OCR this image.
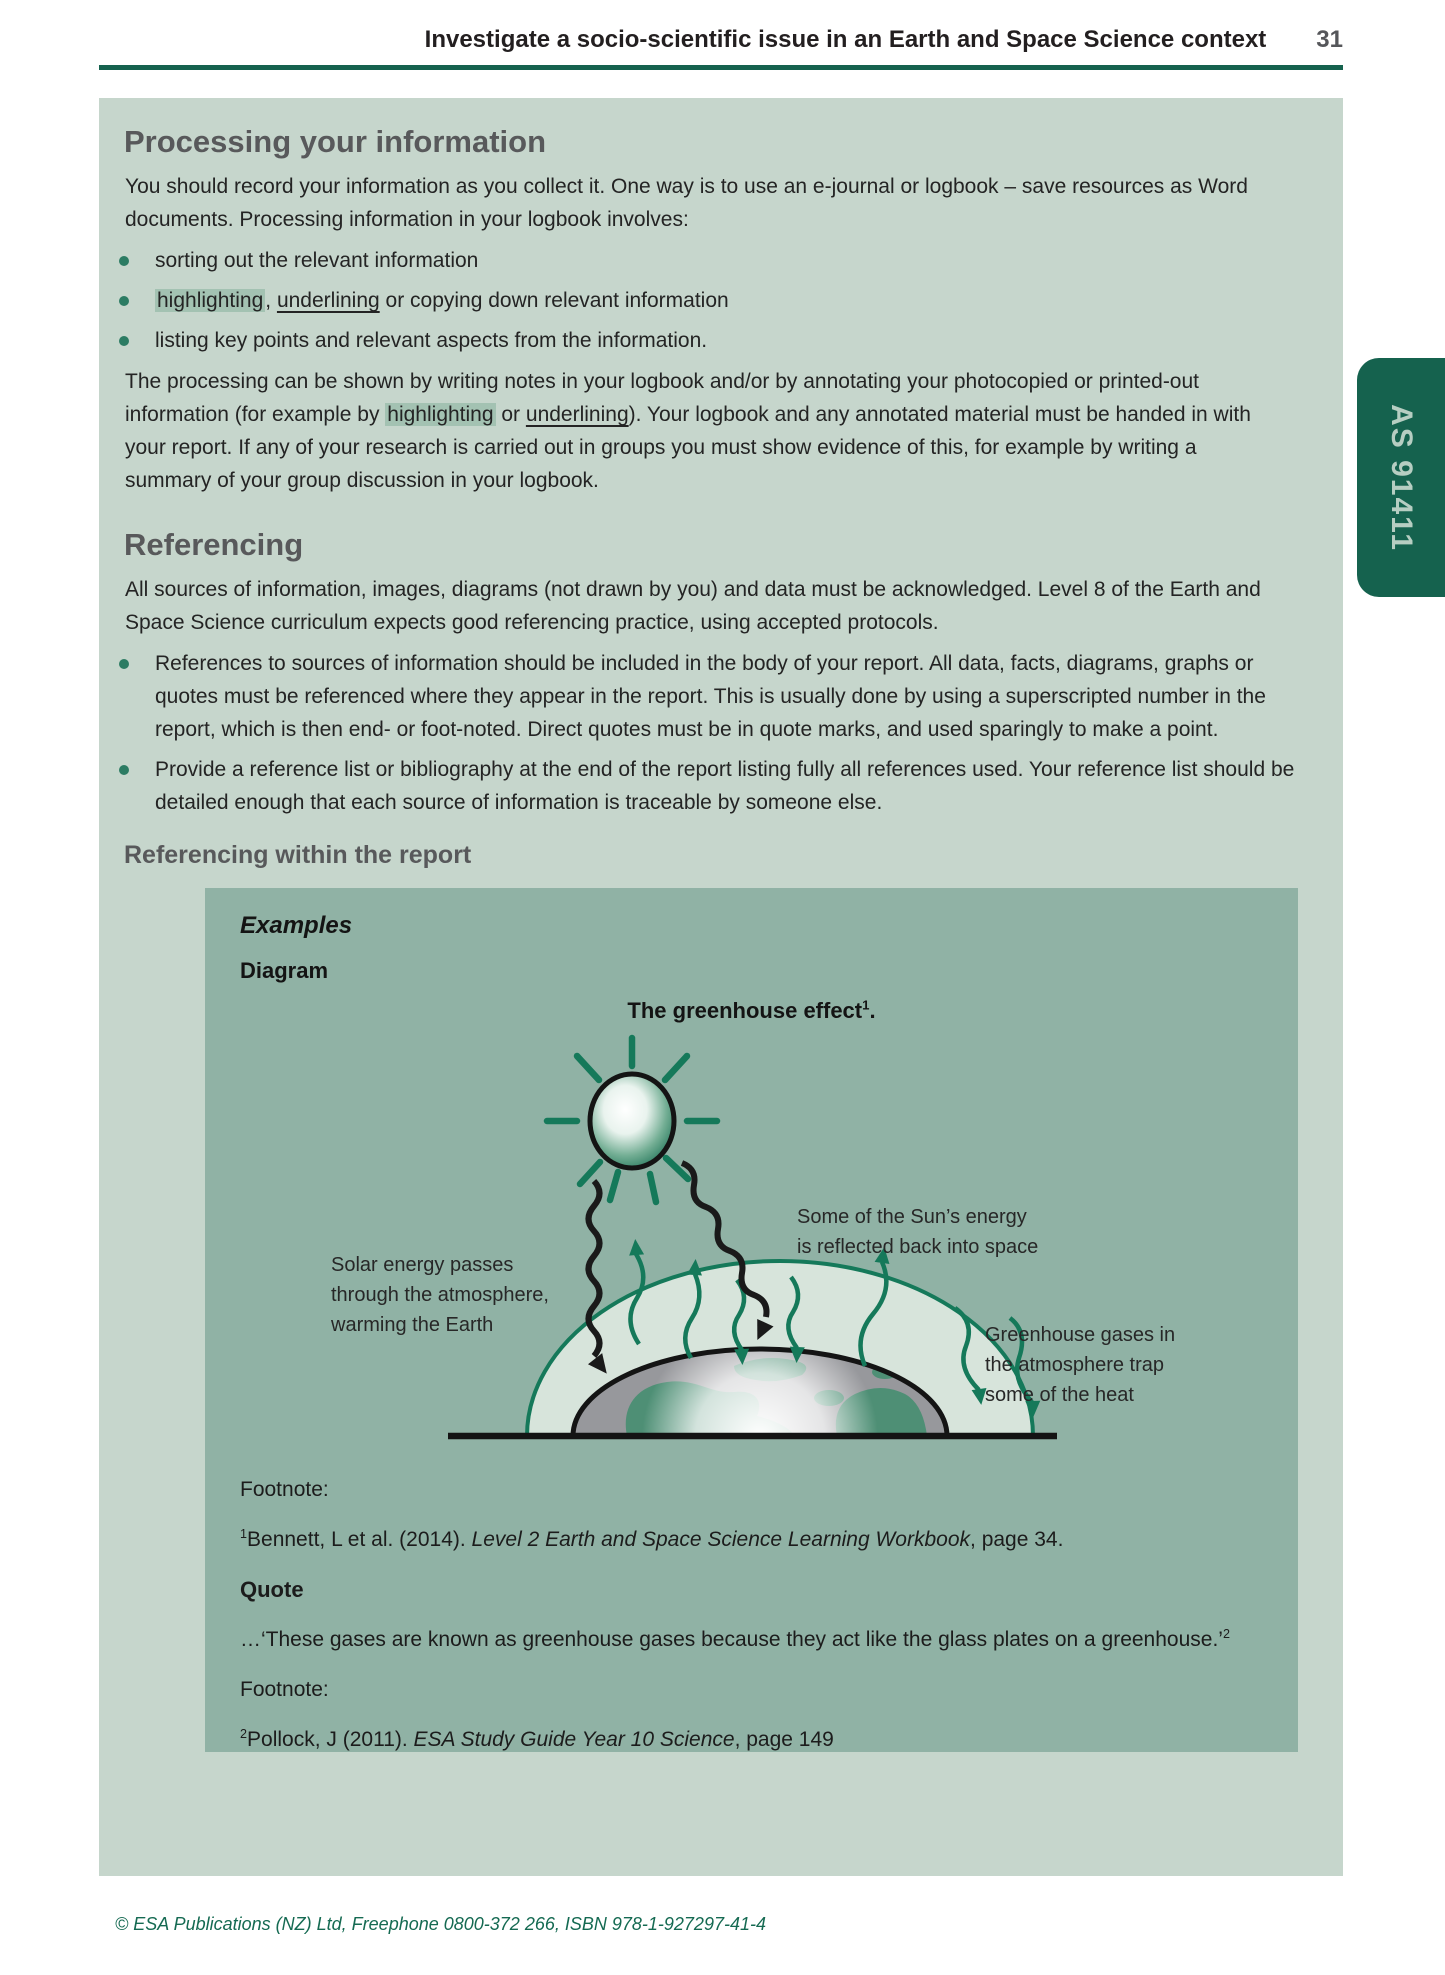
Investigate a socio-scientific issue in an Earth and Space Science context 31
Processing your information
You should record your information as you collect it. One way is to use an e-journal or logbook – save resources as Word documents. Processing information in your logbook involves:
sorting out the relevant information
highlighting, underlining or copying down relevant information
listing key points and relevant aspects from the information.
The processing can be shown by writing notes in your logbook and/or by annotating your photocopied or printed-out information (for example by highlighting or underlining). Your logbook and any annotated material must be handed in with your report. If any of your research is carried out in groups you must show evidence of this, for example by writing a summary of your group discussion in your logbook.
Referencing
All sources of information, images, diagrams (not drawn by you) and data must be acknowledged. Level 8 of the Earth and Space Science curriculum expects good referencing practice, using accepted protocols.
References to sources of information should be included in the body of your report. All data, facts, diagrams, graphs or quotes must be referenced where they appear in the report. This is usually done by using a superscripted number in the report, which is then end- or foot-noted. Direct quotes must be in quote marks, and used sparingly to make a point.
Provide a reference list or bibliography at the end of the report listing fully all references used. Your reference list should be detailed enough that each source of information is traceable by someone else.
Referencing within the report
Examples
Diagram
The greenhouse effect$^1$.
Solar energy passes
through the atmosphere,
warming the Earth
Some of the Sun’s energy
is reflected back into space
Greenhouse gases in
the atmosphere trap
some of the heat
Footnote:
$^1$Bennett, L et al. (2014). Level 2 Earth and Space Science Learning Workbook, page 34.
Quote
…‘These gases are known as greenhouse gases because they act like the glass plates on a greenhouse.’$^2$
Footnote:
$^2$Pollock, J (2011). ESA Study Guide Year 10 Science, page 149
AS 91411
© ESA Publications (NZ) Ltd, Freephone 0800-372 266, ISBN 978-1-927297-41-4
